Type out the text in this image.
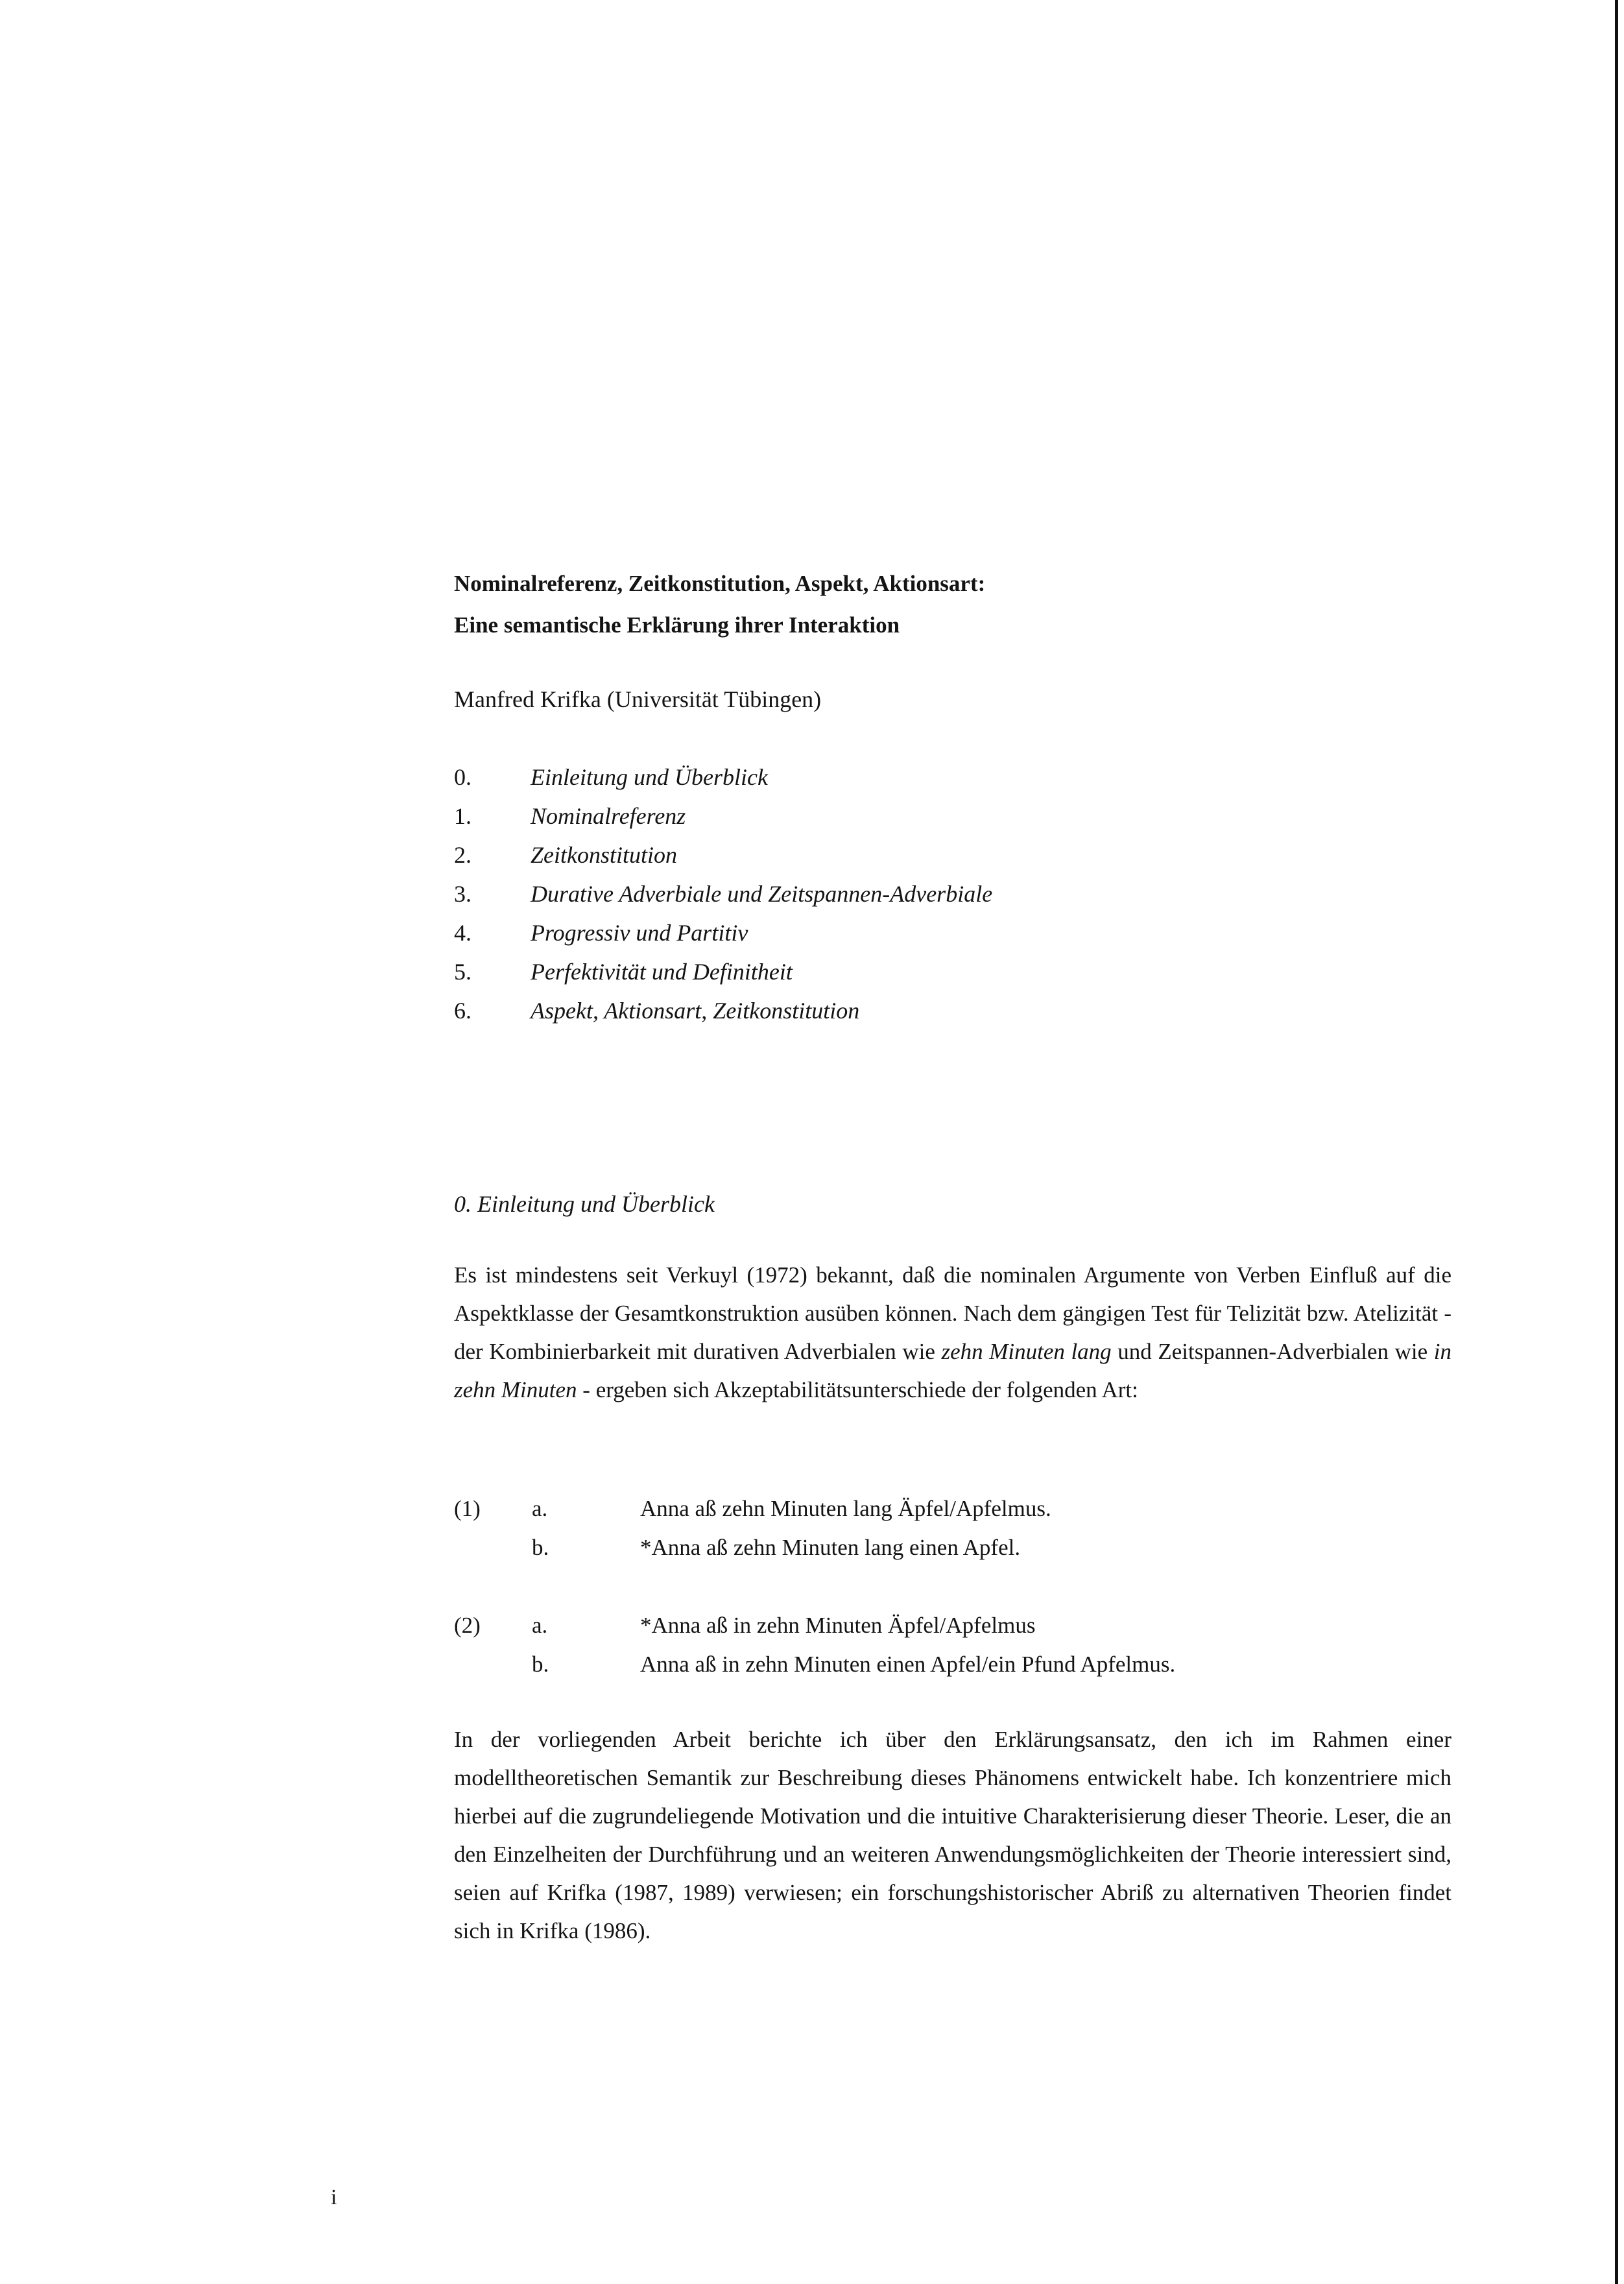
Nominalreferenz, Zeitkonstitution, Aspekt, Aktionsart:
Eine semantische Erklärung ihrer Interaktion
Manfred Krifka (Universität Tübingen)
0.	Einleitung und Überblick
1.	Nominalreferenz
2.	Zeitkonstitution
3.	Durative Adverbiale und Zeitspannen-Adverbiale
4.	Progressiv und Partitiv
5.	Perfektivität und Definitheit
6.	Aspekt, Aktionsart, Zeitkonstitution
0. Einleitung und Überblick
Es ist mindestens seit Verkuyl (1972) bekannt, daß die nominalen Argumente von Verben Einfluß auf die Aspektklasse der Gesamtkonstruktion ausüben können. Nach dem gängigen Test für Telizität bzw. Atelizität - der Kombinierbarkeit mit durativen Adverbialen wie zehn Minuten lang und Zeitspannen-Adverbialen wie in zehn Minuten - ergeben sich Akzeptabilitätsunterschiede der folgenden Art:
(1) a.	Anna aß zehn Minuten lang Äpfel/Apfelmus.
b.	*Anna aß zehn Minuten lang einen Apfel.
(2) a.	*Anna aß in zehn Minuten Äpfel/Apfelmus
b.	Anna aß in zehn Minuten einen Apfel/ein Pfund Apfelmus.
In der vorliegenden Arbeit berichte ich über den Erklärungsansatz, den ich im Rahmen einer modelltheoretischen Semantik zur Beschreibung dieses Phänomens entwickelt habe. Ich konzentriere mich hierbei auf die zugrundeliegende Motivation und die intuitive Charakterisierung dieser Theorie. Leser, die an den Einzelheiten der Durchführung und an weiteren Anwendungsmöglichkeiten der Theorie interessiert sind, seien auf Krifka (1987, 1989) verwiesen; ein forschungshistorischer Abriß zu alternativen Theorien findet sich in Krifka (1986).
i
